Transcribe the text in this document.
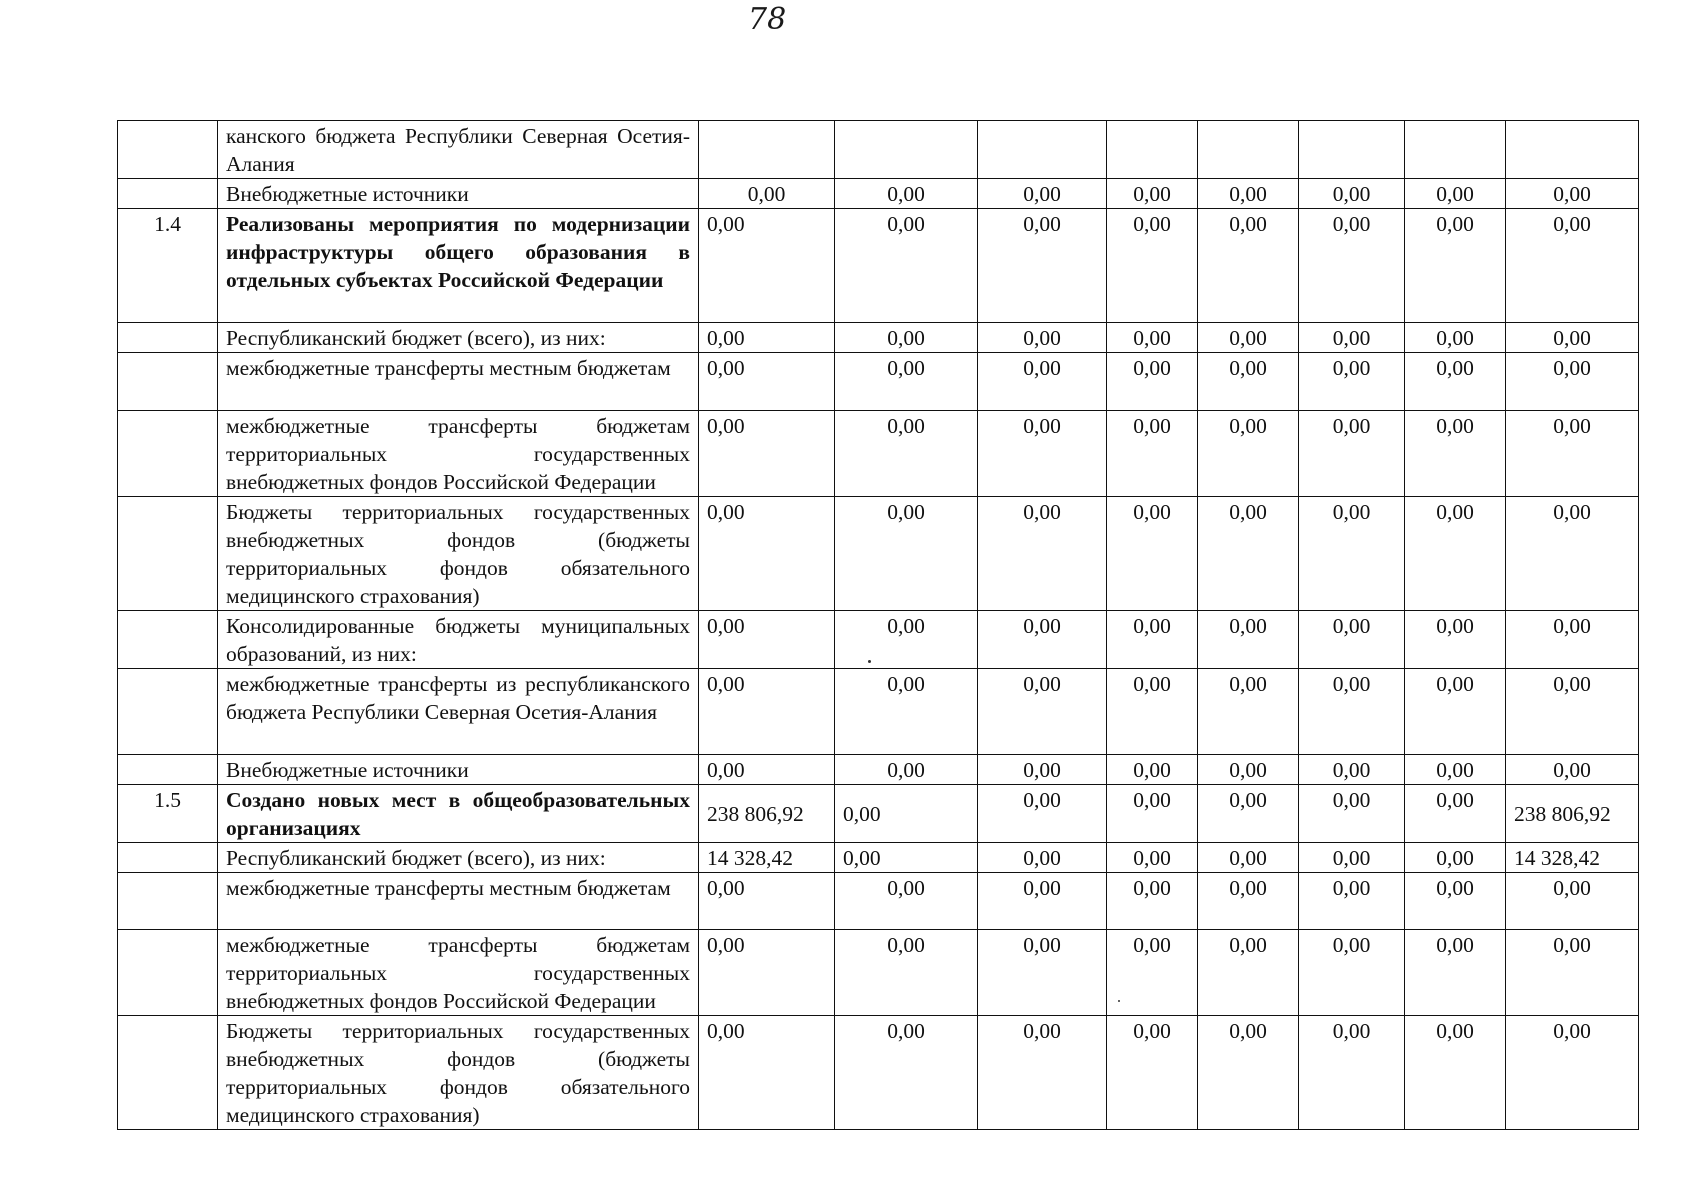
78
	канского бюджета Республики Северная Осетия-Алания								
	Внебюджетные источники	0,00	0,00	0,00	0,00	0,00	0,00	0,00	0,00
1.4	Реализованы мероприятия по модернизации инфраструктуры общего образования в отдельных субъектах Российской Федерации	0,00	0,00	0,00	0,00	0,00	0,00	0,00	0,00
	Республиканский бюджет (всего), из них:	0,00	0,00	0,00	0,00	0,00	0,00	0,00	0,00
	межбюджетные трансферты местным бюджетам	0,00	0,00	0,00	0,00	0,00	0,00	0,00	0,00
	межбюджетные трансферты бюджетам территориальных государственных внебюджетных фондов Российской Федерации	0,00	0,00	0,00	0,00	0,00	0,00	0,00	0,00
	Бюджеты территориальных государственных внебюджетных фондов (бюджеты территориальных фондов обязательного медицинского страхования)	0,00	0,00	0,00	0,00	0,00	0,00	0,00	0,00
	Консолидированные бюджеты муниципальных образований, из них:	0,00	0,00	0,00	0,00	0,00	0,00	0,00	0,00
	межбюджетные трансферты из республиканского бюджета Республики Северная Осетия-Алания	0,00	0,00	0,00	0,00	0,00	0,00	0,00	0,00
	Внебюджетные источники	0,00	0,00	0,00	0,00	0,00	0,00	0,00	0,00
1.5	Создано новых мест в общеобразовательных организациях	238 806,92	0,00	0,00	0,00	0,00	0,00	0,00	238 806,92
	Республиканский бюджет (всего), из них:	14 328,42	0,00	0,00	0,00	0,00	0,00	0,00	14 328,42
	межбюджетные трансферты местным бюджетам	0,00	0,00	0,00	0,00	0,00	0,00	0,00	0,00
	межбюджетные трансферты бюджетам территориальных государственных внебюджетных фондов Российской Федерации	0,00	0,00	0,00	0,00	0,00	0,00	0,00	0,00
	Бюджеты территориальных государственных внебюджетных фондов (бюджеты территориальных фондов обязательного медицинского страхования)	0,00	0,00	0,00	0,00	0,00	0,00	0,00	0,00
